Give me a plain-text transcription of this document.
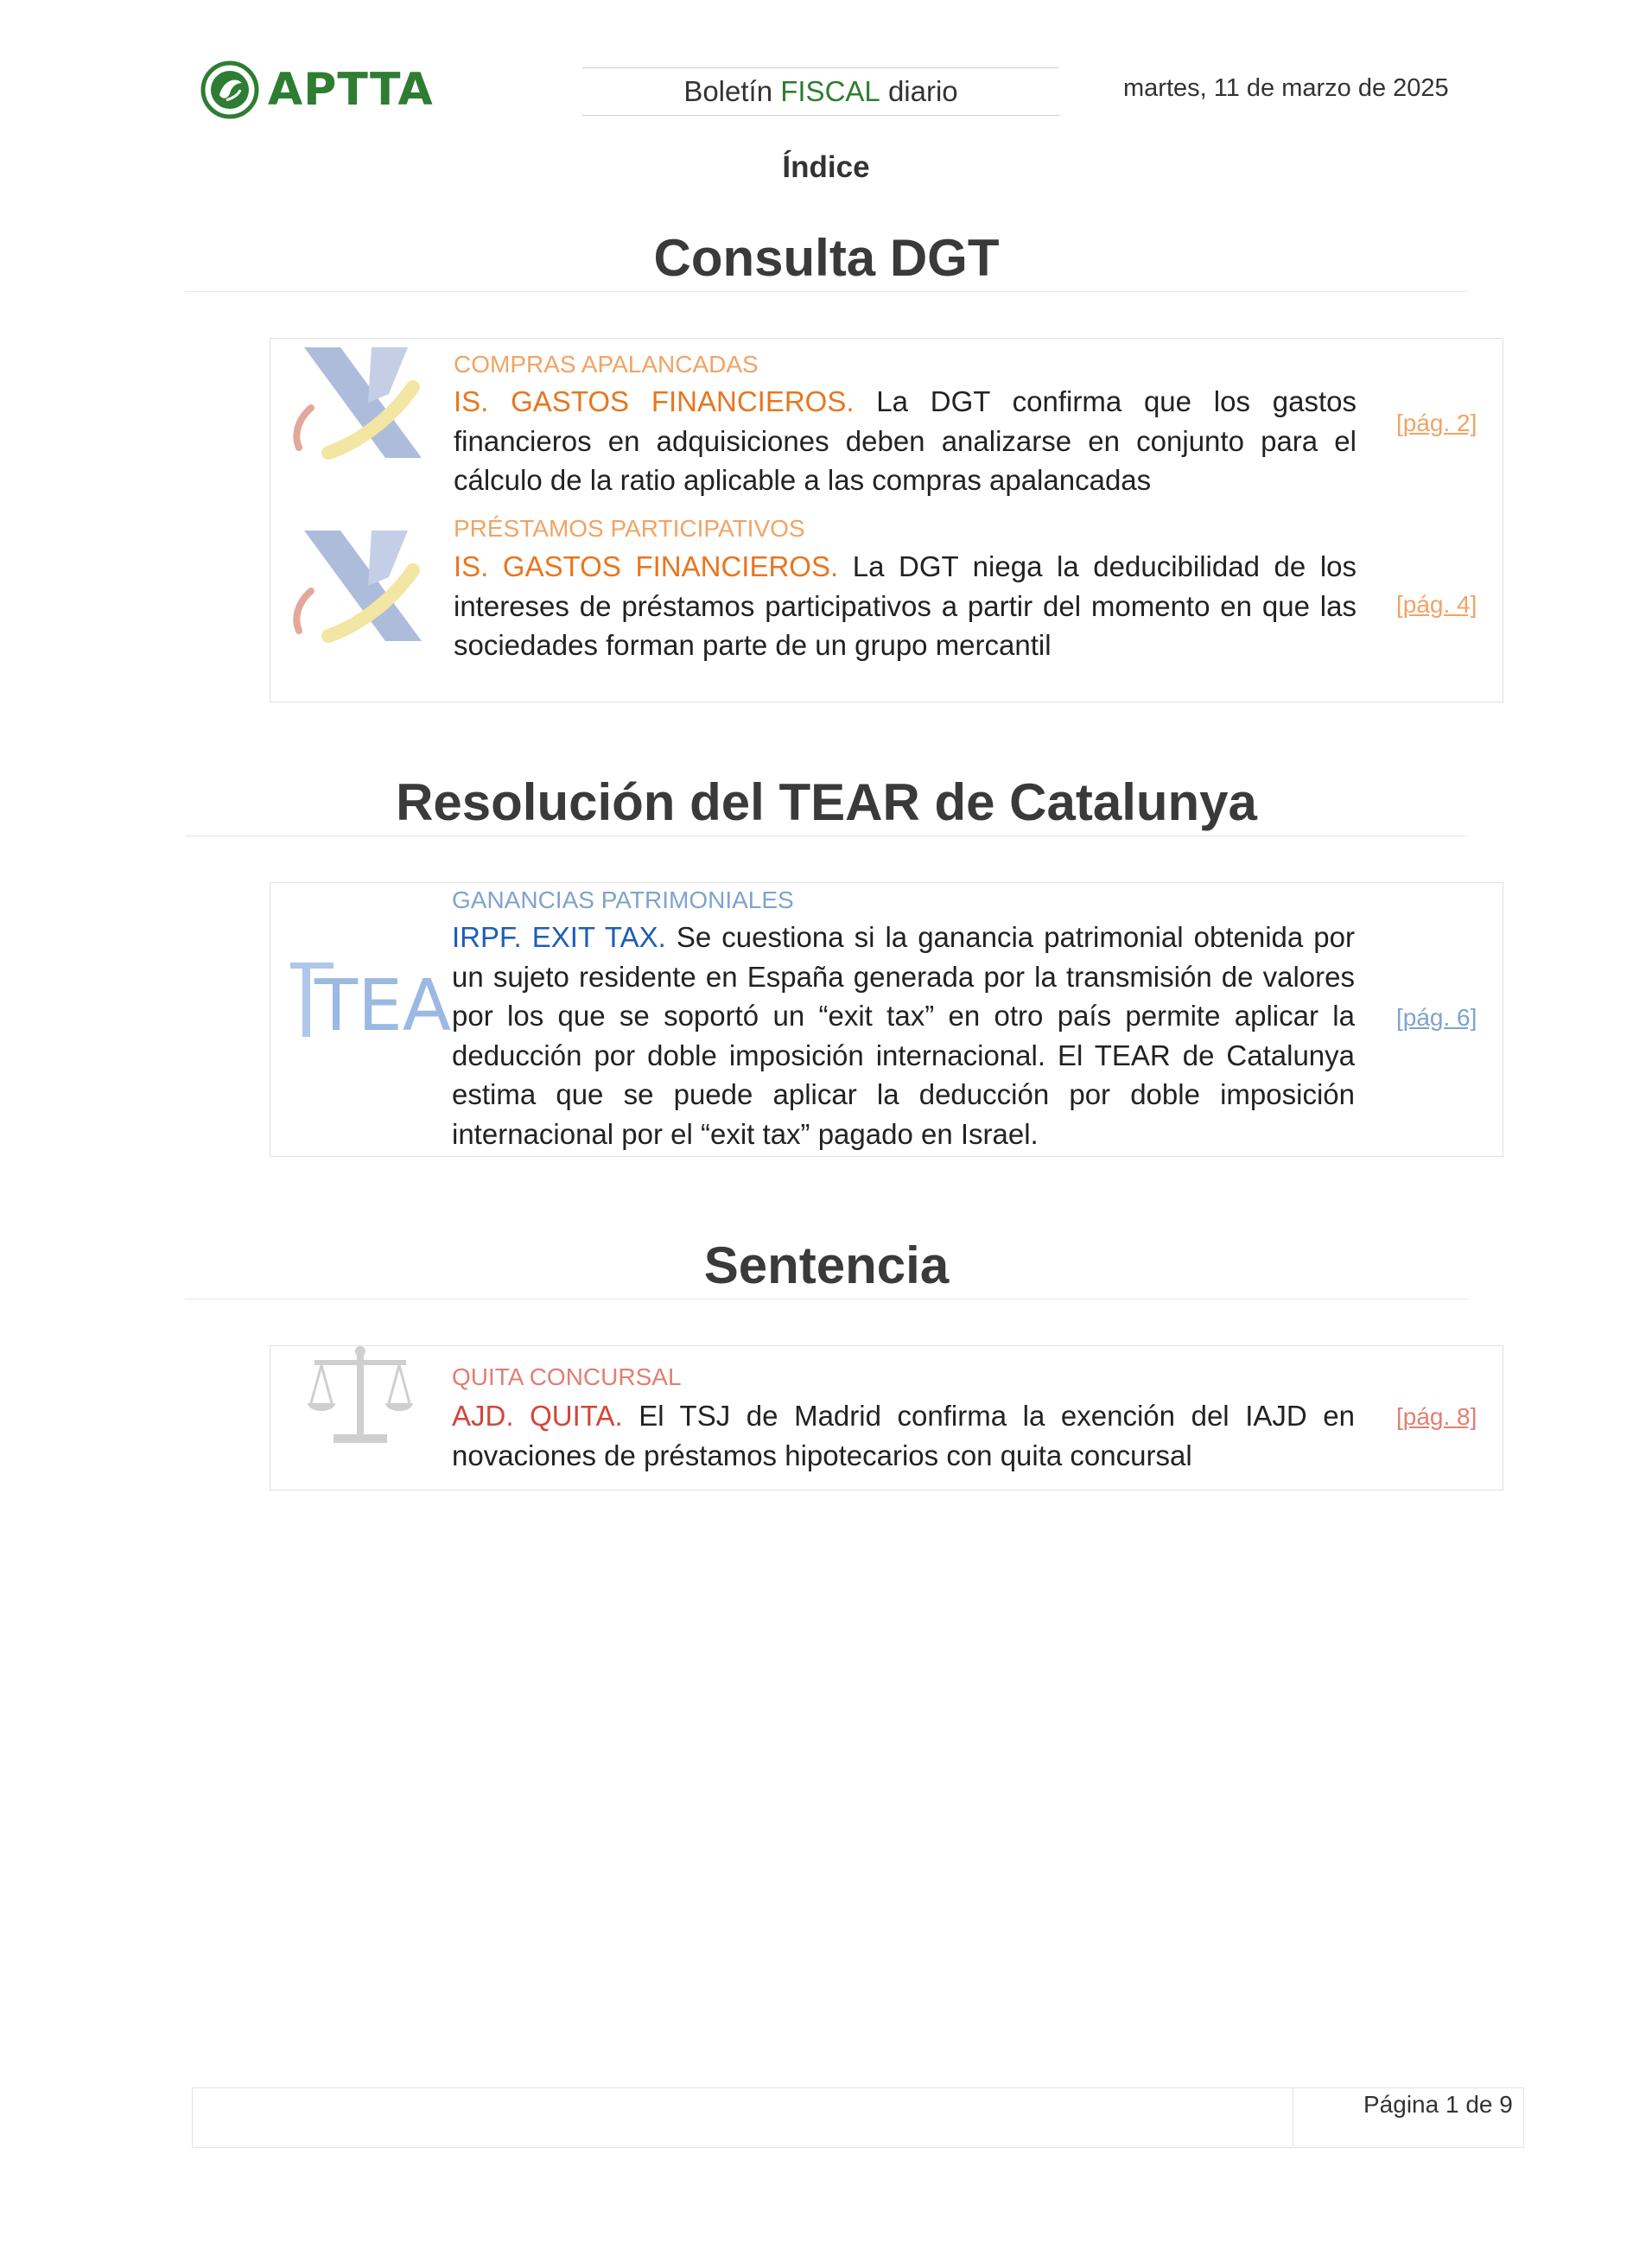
APTTA	Boletín FISCAL diario	martes, 11 de marzo de 2025
Índice
Consulta DGT
COMPRAS APALANCADAS
IS. GASTOS FINANCIEROS. La DGT confirma que los gastos financieros en adquisiciones deben analizarse en conjunto para el cálculo de la ratio aplicable a las compras apalancadas
[pág. 2]
PRÉSTAMOS PARTICIPATIVOS
IS. GASTOS FINANCIEROS. La DGT niega la deducibilidad de los intereses de préstamos participativos a partir del momento en que las sociedades forman parte de un grupo mercantil
[pág. 4]
Resolución del TEAR de Catalunya
TEA
GANANCIAS PATRIMONIALES
IRPF. EXIT TAX. Se cuestiona si la ganancia patrimonial obtenida por un sujeto residente en España generada por la transmisión de valores por los que se soportó un “exit tax” en otro país permite aplicar la deducción por doble imposición internacional. El TEAR de Catalunya estima que se puede aplicar la deducción por doble imposición internacional por el “exit tax” pagado en Israel.
[pág. 6]
Sentencia
QUITA CONCURSAL
AJD. QUITA. El TSJ de Madrid confirma la exención del IAJD en novaciones de préstamos hipotecarios con quita concursal
[pág. 8]
Página 1 de 9
